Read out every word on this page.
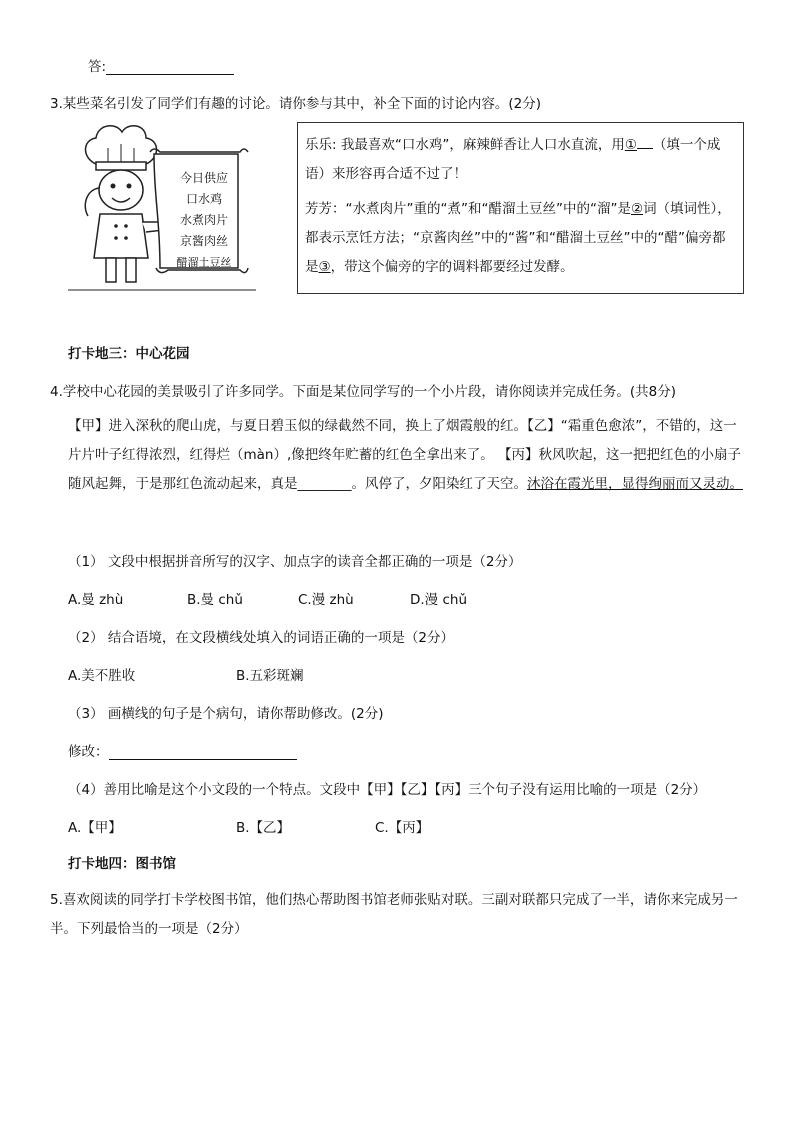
答:
3.某些菜名引发了同学们有趣的讨论。请你参与其中，补全下面的讨论内容。(2分)
今日供应
口水鸡
水煮肉片
京酱肉丝
醋溜土豆丝

乐乐: 我最喜欢“口水鸡”，麻辣鲜香让人口水直流，用① （填一个成语）来形容再合适不过了！

芳芳：“水煮肉片”重的“煮”和“醋溜土豆丝”中的“溜”是②词（填词性），都表示烹饪方法；“京酱肉丝”中的“酱”和“醋溜土豆丝”中的“醋”偏旁都是③，带这个偏旁的字的调料都要经过发酵。

打卡地三：中心花园
4.学校中心花园的美景吸引了许多同学。下面是某位同学写的一个小片段，请你阅读并完成任务。(共8分)
【甲】进入深秋的爬山虎，与夏日碧玉似的绿截然不同，换上了烟霞般的红。【乙】“霜重色愈浓”，不错的，这一片片叶子红得浓烈，红得烂（màn）,像把终年贮蓄的红色全拿出来了。 【丙】秋风吹起，这一把把红色的小扇子随风起舞，于是那红色流动起来，真是________。风停了，夕阳染红了天空。沐浴在霞光里，显得绚丽而又灵动。
（1） 文段中根据拼音所写的汉字、加点字的读音全都正确的一项是（2分）
A.曼 zhù	B.曼 chǔ	C.漫 zhù	D.漫 chǔ
（2） 结合语境，在文段横线处填入的词语正确的一项是（2分）
A.美不胜收	B.五彩斑斓
（3） 画横线的句子是个病句，请你帮助修改。(2分)
修改：
（4）善用比喻是这个小文段的一个特点。文段中【甲】【乙】【丙】三个句子没有运用比喻的一项是（2分）
A.【甲】	B.【乙】	C.【丙】
打卡地四：图书馆
5.喜欢阅读的同学打卡学校图书馆，他们热心帮助图书馆老师张贴对联。三副对联都只完成了一半，请你来完成另一半。下列最恰当的一项是（2分）
